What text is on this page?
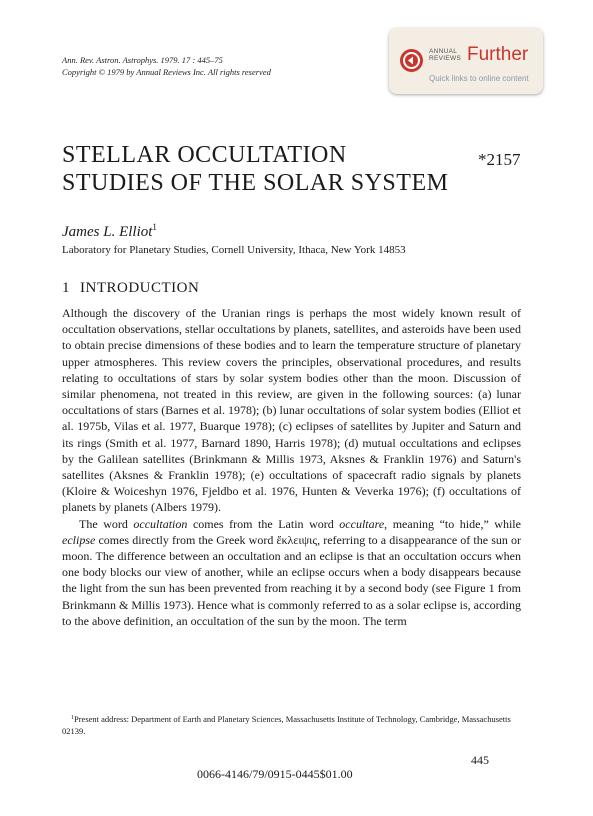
Ann. Rev. Astron. Astrophys. 1979. 17 : 445–75
Copyright © 1979 by Annual Reviews Inc. All rights reserved
ANNUAL
REVIEWS Further
Quick links to online content
STELLAR OCCULTATION
STUDIES OF THE SOLAR SYSTEM
*2157
James L. Elliot$^1$
Laboratory for Planetary Studies, Cornell University, Ithaca, New York 14853
1 INTRODUCTION

Although the discovery of the Uranian rings is perhaps the most widely known result of occultation observations, stellar occultations by planets, satellites, and asteroids have been used to obtain precise dimensions of these bodies and to learn the temperature structure of planetary upper atmospheres. This review covers the principles, observational procedures, and results relating to occultations of stars by solar system bodies other than the moon. Discussion of similar phenomena, not treated in this review, are given in the following sources: (a) lunar occultations of stars (Barnes et al. 1978); (b) lunar occultations of solar system bodies (Elliot et al. 1975b, Vilas et al. 1977, Buarque 1978); (c) eclipses of satellites by Jupiter and Saturn and its rings (Smith et al. 1977, Barnard 1890, Harris 1978); (d) mutual occultations and eclipses by the Galilean satellites (Brinkmann & Millis 1973, Aksnes & Franklin 1976) and Saturn's satellites (Aksnes & Franklin 1978); (e) occultations of spacecraft radio signals by planets (Kloire & Woiceshyn 1976, Fjeldbo et al. 1976, Hunten & Veverka 1976); (f) occultations of planets by planets (Albers 1979).

The word occultation comes from the Latin word occultare, meaning “to hide,” while eclipse comes directly from the Greek word ἔκλειψις, referring to a disappearance of the sun or moon. The difference between an occultation and an eclipse is that an occultation occurs when one body blocks our view of another, while an eclipse occurs when a body disappears because the light from the sun has been prevented from reaching it by a second body (see Figure 1 from Brinkmann & Millis 1973). Hence what is commonly referred to as a solar eclipse is, according to the above definition, an occultation of the sun by the moon. The term

$^1$Present address: Department of Earth and Planetary Sciences, Massachusetts Institute of Technology, Cambridge, Massachusetts 02139.
445
0066-4146/79/0915-0445$01.00
